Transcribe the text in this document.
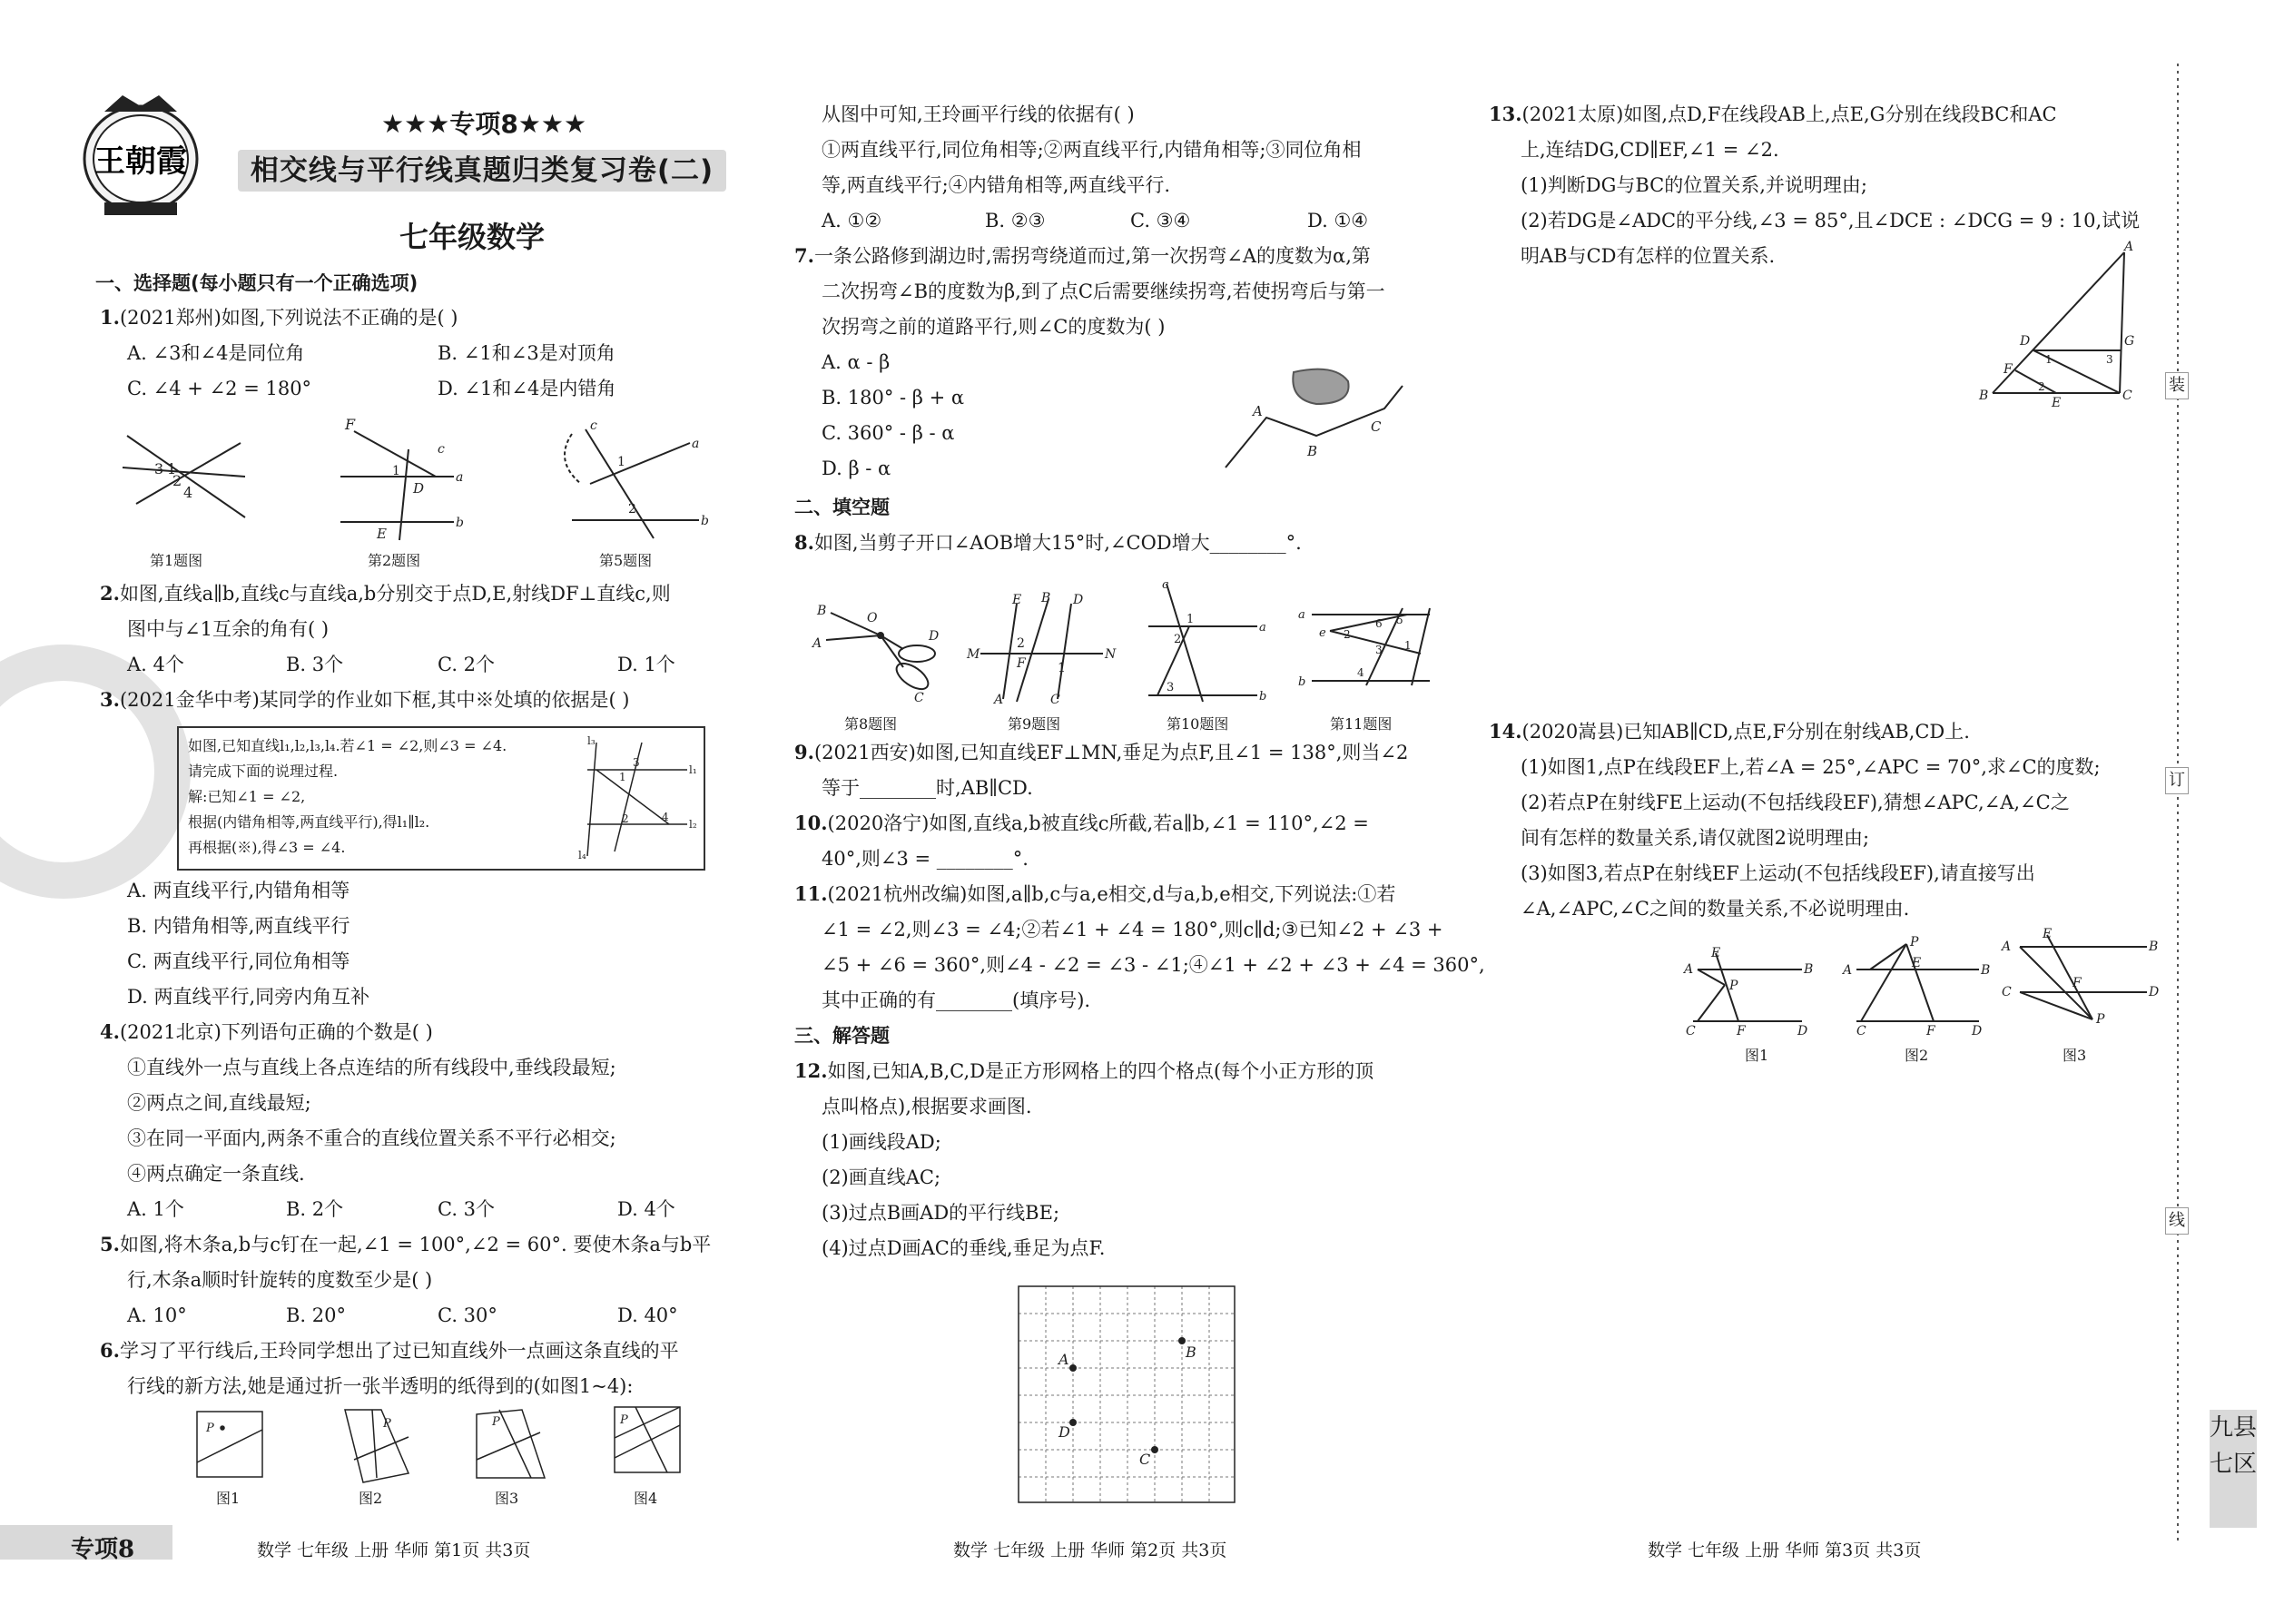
王朝霞
★★★专项8★★★
相交线与平行线真题归类复习卷(二)
七年级数学
一、选择题(每小题只有一个正确选项)
1.(2021郑州)如图,下列说法不正确的是( )
A. ∠3和∠4是同位角	B. ∠1和∠3是对顶角
C. ∠4 + ∠2 = 180°	D. ∠1和∠4是内错角
3 1
2
4
第1题图
F
c
a
b
D
E
1
第2题图
c
a
b
1
2
第5题图
2.如图,直线a∥b,直线c与直线a,b分别交于点D,E,射线DF⊥直线c,则
图中与∠1互余的角有( )
A. 4个	B. 3个	C. 2个	D. 1个
3.(2021金华中考)某同学的作业如下框,其中※处填的依据是( )
如图,已知直线l₁,l₂,l₃,l₄.若∠1 = ∠2,则∠3 = ∠4.
请完成下面的说理过程.
解:已知∠1 = ∠2,
根据(内错角相等,两直线平行),得l₁∥l₂.
再根据(※),得∠3 = ∠4.
l₃
l₁
l₂
l₄
3
1
2	4
A. 两直线平行,内错角相等
B. 内错角相等,两直线平行
C. 两直线平行,同位角相等
D. 两直线平行,同旁内角互补
4.(2021北京)下列语句正确的个数是( )
①直线外一点与直线上各点连结的所有线段中,垂线段最短;
②两点之间,直线最短;
③在同一平面内,两条不重合的直线位置关系不平行必相交;
④两点确定一条直线.
A. 1个	B. 2个	C. 3个	D. 4个
5.如图,将木条a,b与c钉在一起,∠1 = 100°,∠2 = 60°. 要使木条a与b平
行,木条a顺时针旋转的度数至少是( )
A. 10°	B. 20°	C. 30°	D. 40°
6.学习了平行线后,王玲同学想出了过已知直线外一点画这条直线的平
行线的新方法,她是通过折一张半透明的纸得到的(如图1~4):
P
图1
P
图2
P
图3
P
图4
从图中可知,王玲画平行线的依据有( )
①两直线平行,同位角相等;②两直线平行,内错角相等;③同位角相
等,两直线平行;④内错角相等,两直线平行.
A. ①②	B. ②③	C. ③④	D. ①④
7.一条公路修到湖边时,需拐弯绕道而过,第一次拐弯∠A的度数为α,第
二次拐弯∠B的度数为β,到了点C后需要继续拐弯,若使拐弯后与第一
次拐弯之前的道路平行,则∠C的度数为( )
A. α - β
B. 180° - β + α
C. 360° - β - α
D. β - α
A
B
C
二、填空题
8.如图,当剪子开口∠AOB增大15°时,∠COD增大________°.
B
A
O
D
C
第8题图
E B D
M	N
F
A	C
2
1
第9题图
c
a
b
1
2
3
第10题图
a
b
e 2
6 5
3
4
1
第11题图
9.(2021西安)如图,已知直线EF⊥MN,垂足为点F,且∠1 = 138°,则当∠2
等于________时,AB∥CD.
10.(2020洛宁)如图,直线a,b被直线c所截,若a∥b,∠1 = 110°,∠2 =
40°,则∠3 = ________°.
11.(2021杭州改编)如图,a∥b,c与a,e相交,d与a,b,e相交,下列说法:①若
∠1 = ∠2,则∠3 = ∠4;②若∠1 + ∠4 = 180°,则c∥d;③已知∠2 + ∠3 +
∠5 + ∠6 = 360°,则∠4 - ∠2 = ∠3 - ∠1;④∠1 + ∠2 + ∠3 + ∠4 = 360°,
其中正确的有________(填序号).
三、解答题
12.如图,已知A,B,C,D是正方形网格上的四个格点(每个小正方形的顶
点叫格点),根据要求画图.
(1)画线段AD;
(2)画直线AC;
(3)过点B画AD的平行线BE;
(4)过点D画AC的垂线,垂足为点F.
A	B
D
C
13.(2021太原)如图,点D,F在线段AB上,点E,G分别在线段BC和AC
上,连结DG,CD∥EF,∠1 = ∠2.
(1)判断DG与BC的位置关系,并说明理由;
(2)若DG是∠ADC的平分线,∠3 = 85°,且∠DCE : ∠DCG = 9 : 10,试说
明AB与CD有怎样的位置关系.	A
D
F
G
B	E	C
1	3
2
14.(2020嵩县)已知AB∥CD,点E,F分别在射线AB,CD上.
(1)如图1,点P在线段EF上,若∠A = 25°,∠APC = 70°,求∠C的度数;
(2)若点P在射线FE上运动(不包括线段EF),猜想∠APC,∠A,∠C之
间有怎样的数量关系,请仅就图2说明理由;
(3)如图3,若点P在射线EF上运动(不包括线段EF),请直接写出
∠A,∠APC,∠C之间的数量关系,不必说明理由.
A
E
B
P
C	F	D
图1
A
P
E	B
C	F	D
图2
A
E
B
C
F
D
P
图3
装
订
线
九县七区
专项8	数学 七年级 上册 华师 第1页 共3页	数学 七年级 上册 华师 第2页 共3页	数学 七年级 上册 华师 第3页 共3页
